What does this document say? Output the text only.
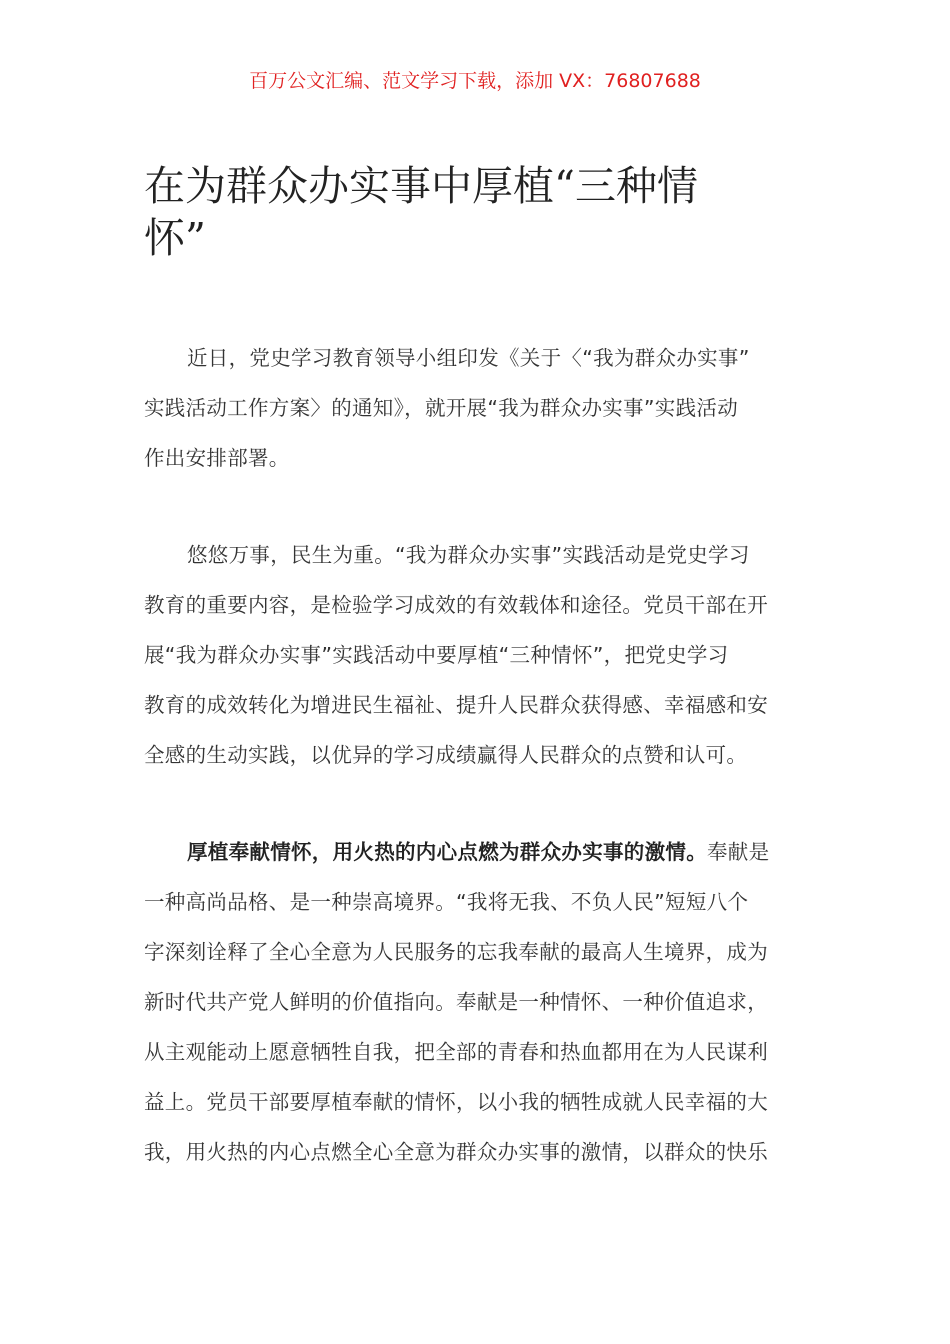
百万公文汇编、范文学习下载，添加 VX：76807688
在为群众办实事中厚植“三种情
怀”
近日，党史学习教育领导小组印发《关于〈“我为群众办实事”
实践活动工作方案〉的通知》，就开展“我为群众办实事”实践活动
作出安排部署。
悠悠万事，民生为重。“我为群众办实事”实践活动是党史学习
教育的重要内容，是检验学习成效的有效载体和途径。党员干部在开
展“我为群众办实事”实践活动中要厚植“三种情怀”，把党史学习
教育的成效转化为增进民生福祉、提升人民群众获得感、幸福感和安
全感的生动实践，以优异的学习成绩赢得人民群众的点赞和认可。
厚植奉献情怀，用火热的内心点燃为群众办实事的激情。奉献是
一种高尚品格、是一种崇高境界。“我将无我、不负人民”短短八个
字深刻诠释了全心全意为人民服务的忘我奉献的最高人生境界，成为
新时代共产党人鲜明的价值指向。奉献是一种情怀、一种价值追求，
从主观能动上愿意牺牲自我，把全部的青春和热血都用在为人民谋利
益上。党员干部要厚植奉献的情怀，以小我的牺牲成就人民幸福的大
我，用火热的内心点燃全心全意为群众办实事的激情，以群众的快乐
